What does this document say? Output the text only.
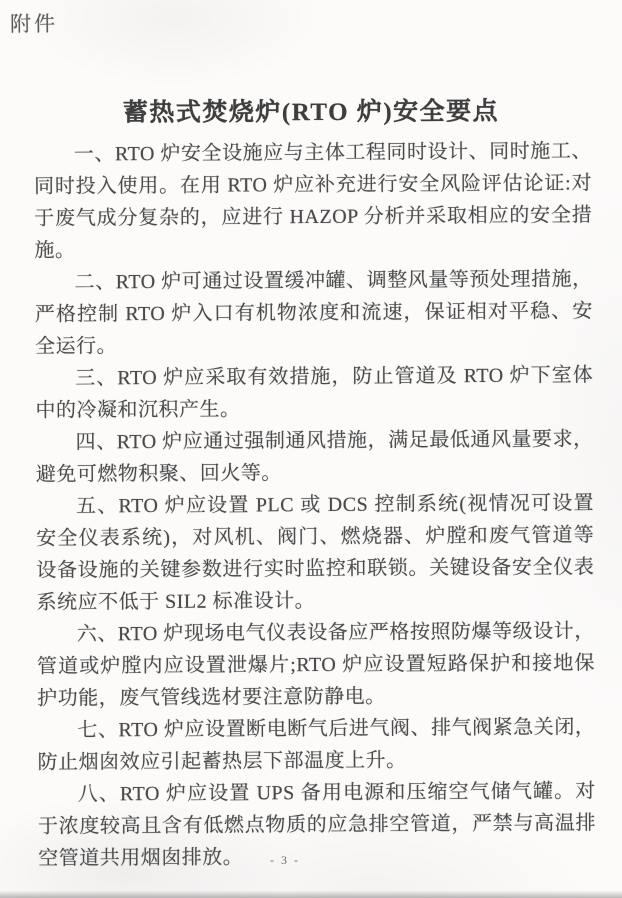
附件
蓄热式焚烧炉(RTO 炉)安全要点

一、RTO 炉安全设施应与主体工程同时设计、同时施工、同时投入使用。在用 RTO 炉应补充进行安全风险评估论证:对于废气成分复杂的，应进行 HAZOP 分析并采取相应的安全措施。

二、RTO 炉可通过设置缓冲罐、调整风量等预处理措施，严格控制 RTO 炉入口有机物浓度和流速，保证相对平稳、安全运行。

三、RTO 炉应采取有效措施，防止管道及 RTO 炉下室体中的冷凝和沉积产生。

四、RTO 炉应通过强制通风措施，满足最低通风量要求，避免可燃物积聚、回火等。

五、RTO 炉应设置 PLC 或 DCS 控制系统(视情况可设置安全仪表系统)，对风机、阀门、燃烧器、炉膛和废气管道等设备设施的关键参数进行实时监控和联锁。关键设备安全仪表系统应不低于 SIL2 标准设计。

六、RTO 炉现场电气仪表设备应严格按照防爆等级设计，管道或炉膛内应设置泄爆片;RTO 炉应设置短路保护和接地保护功能，废气管线选材要注意防静电。

七、RTO 炉应设置断电断气后进气阀、排气阀紧急关闭，防止烟囱效应引起蓄热层下部温度上升。

八、RTO 炉应设置 UPS 备用电源和压缩空气储气罐。对于浓度较高且含有低燃点物质的应急排空管道，严禁与高温排空管道共用烟囱排放。	- 3 -
